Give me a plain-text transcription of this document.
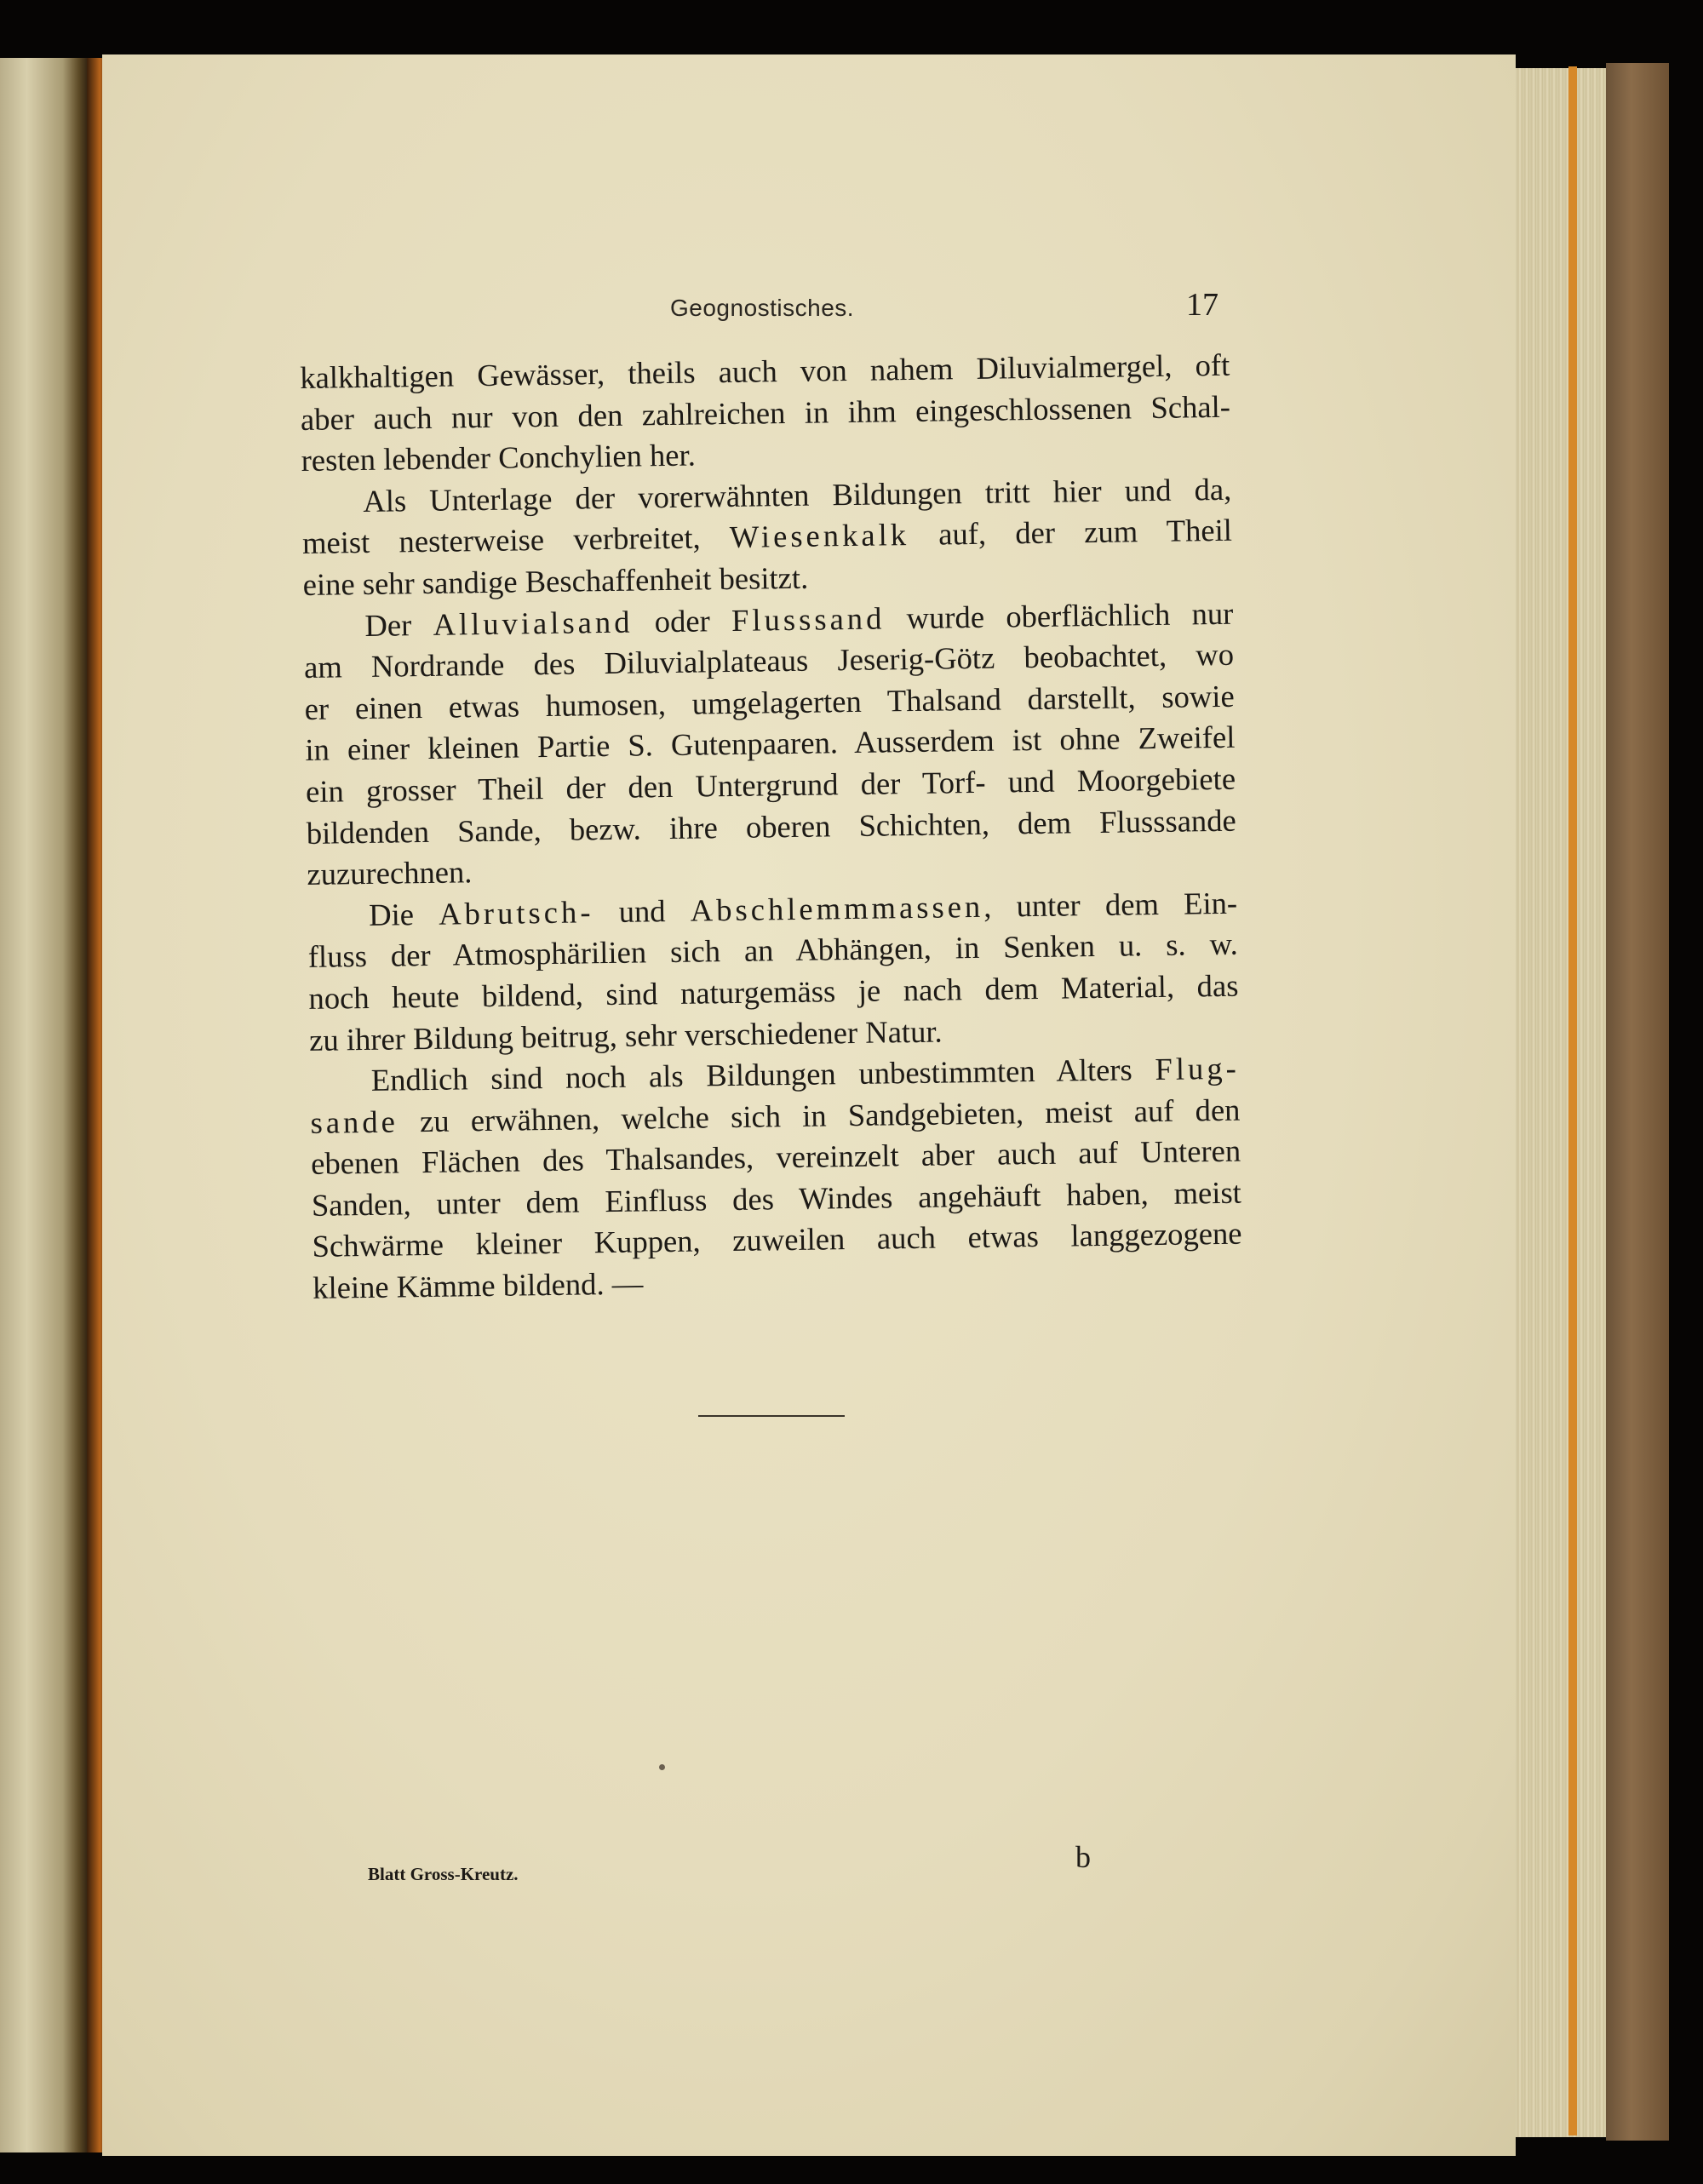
Geognostisches.	17
kalkhaltigen Gewässer, theils auch von nahem Diluvialmergel, oft
aber auch nur von den zahlreichen in ihm eingeschlossenen Schal-
resten lebender Conchylien her.
Als Unterlage der vorerwähnten Bildungen tritt hier und da,
meist nesterweise verbreitet, Wiesenkalk auf, der zum Theil
eine sehr sandige Beschaffenheit besitzt.
Der Alluvialsand oder Flusssand wurde oberflächlich nur
am Nordrande des Diluvialplateaus Jeserig-Götz beobachtet, wo
er einen etwas humosen, umgelagerten Thalsand darstellt, sowie
in einer kleinen Partie S. Gutenpaaren. Ausserdem ist ohne Zweifel
ein grosser Theil der den Untergrund der Torf- und Moorgebiete
bildenden Sande, bezw. ihre oberen Schichten, dem Flusssande
zuzurechnen.
Die Abrutsch- und Abschlemmmassen, unter dem Ein-
fluss der Atmosphärilien sich an Abhängen, in Senken u. s. w.
noch heute bildend, sind naturgemäss je nach dem Material, das
zu ihrer Bildung beitrug, sehr verschiedener Natur.
Endlich sind noch als Bildungen unbestimmten Alters Flug-
sande zu erwähnen, welche sich in Sandgebieten, meist auf den
ebenen Flächen des Thalsandes, vereinzelt aber auch auf Unteren
Sanden, unter dem Einfluss des Windes angehäuft haben, meist
Schwärme kleiner Kuppen, zuweilen auch etwas langgezogene
kleine Kämme bildend. —
Blatt Gross-Kreutz.	b
